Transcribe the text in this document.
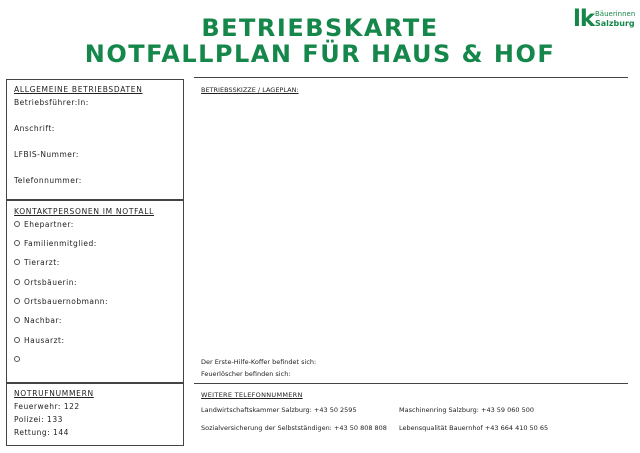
BETRIEBSKARTE
NOTFALLPLAN FÜR HAUS & HOF
lk Bäuerinnen
Salzburg
ALLGEMEINE BETRIEBSDATEN
Betriebsführer:In:
Anschrift:
LFBIS-Nummer:
Telefonnummer:
KONTAKTPERSONEN IM NOTFALL
Ehepartner:
Familienmitglied:
Tierarzt:
Ortsbäuerin:
Ortsbauernobmann:
Nachbar:
Hausarzt:
NOTRUFNUMMERN
Feuerwehr: 122
Polizei: 133
Rettung: 144
BETRIEBSSKIZZE / LAGEPLAN:
Der Erste-Hilfe-Koffer befindet sich:
Feuerlöscher befinden sich:
WEITERE TELEFONNUMMERN
Landwirtschaftskammer Salzburg: +43 50 2595	Maschinenring Salzburg: +43 59 060 500
Sozialversicherung der Selbstständigen: +43 50 808 808 Lebensqualität Bauernhof +43 664 410 50 65
